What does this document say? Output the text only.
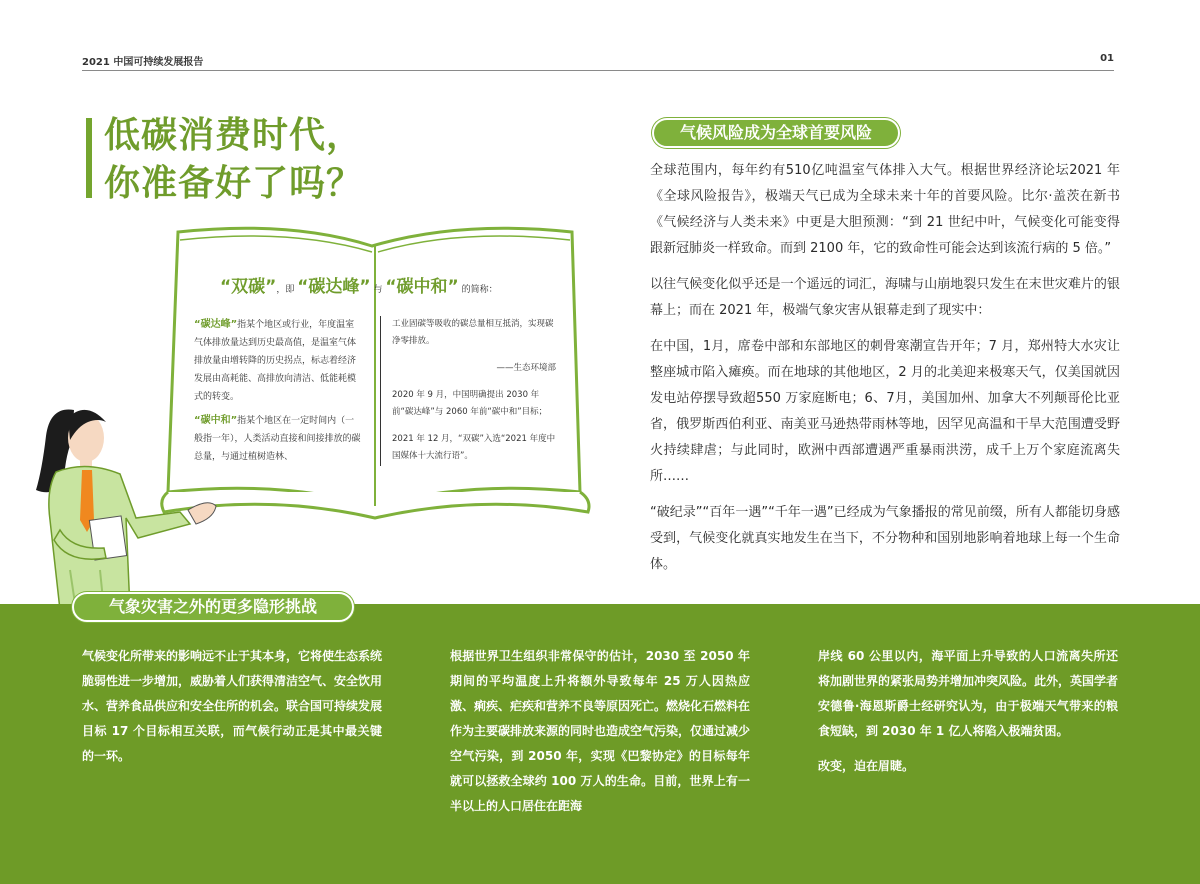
2021 中国可持续发展报告	01
低碳消费时代，
你准备好了吗？
气候风险成为全球首要风险

全球范围内，每年约有510亿吨温室气体排入大气。根据世界经济论坛2021 年《全球风险报告》，极端天气已成为全球未来十年的首要风险。比尔·盖茨在新书《气候经济与人类未来》中更是大胆预测：“到 21 世纪中叶，气候变化可能变得跟新冠肺炎一样致命。而到 2100 年，它的致命性可能会达到该流行病的 5 倍。”

以往气候变化似乎还是一个遥远的词汇，海啸与山崩地裂只发生在末世灾难片的银幕上；而在 2021 年，极端气象灾害从银幕走到了现实中：

在中国，1月，席卷中部和东部地区的刺骨寒潮宣告开年；7 月，郑州特大水灾让整座城市陷入瘫痪。而在地球的其他地区，2 月的北美迎来极寒天气，仅美国就因发电站停摆导致超550 万家庭断电；6、7月，美国加州、加拿大不列颠哥伦比亚省，俄罗斯西伯利亚、南美亚马逊热带雨林等地，因罕见高温和干旱大范围遭受野火持续肆虐；与此同时，欧洲中西部遭遇严重暴雨洪涝，成千上万个家庭流离失所……

“破纪录”“百年一遇”“千年一遇”已经成为气象播报的常见前缀，所有人都能切身感受到，气候变化就真实地发生在当下，不分物种和国别地影响着地球上每一个生命体。

“双碳”，即 “碳达峰” 与 “碳中和” 的简称：

“碳达峰”指某个地区或行业，年度温室气体排放量达到历史最高值，是温室气体排放量由增转降的历史拐点，标志着经济发展由高耗能、高排放向清洁、低能耗模式的转变。

“碳中和”指某个地区在一定时间内（一般指一年），人类活动直接和间接排放的碳总量，与通过植树造林、

工业固碳等吸收的碳总量相互抵消，实现碳净零排放。

——生态环境部

2020 年 9 月，中国明确提出 2030 年前“碳达峰”与 2060 年前“碳中和”目标；

2021 年 12 月，“双碳”入选“2021 年度中国媒体十大流行语”。

气象灾害之外的更多隐形挑战

气候变化所带来的影响远不止于其本身，它将使生态系统脆弱性进一步增加，威胁着人们获得清洁空气、安全饮用水、营养食品供应和安全住所的机会。联合国可持续发展目标 17 个目标相互关联，而气候行动正是其中最关键的一环。

根据世界卫生组织非常保守的估计，2030 至 2050 年期间的平均温度上升将额外导致每年 25 万人因热应激、痢疾、疟疾和营养不良等原因死亡。燃烧化石燃料在作为主要碳排放来源的同时也造成空气污染，仅通过减少空气污染，到 2050 年，实现《巴黎协定》的目标每年就可以拯救全球约 100 万人的生命。目前，世界上有一半以上的人口居住在距海

岸线 60 公里以内，海平面上升导致的人口流离失所还将加剧世界的紧张局势并增加冲突风险。此外，英国学者安德鲁·海恩斯爵士经研究认为，由于极端天气带来的粮食短缺，到 2030 年 1 亿人将陷入极端贫困。

改变，迫在眉睫。
